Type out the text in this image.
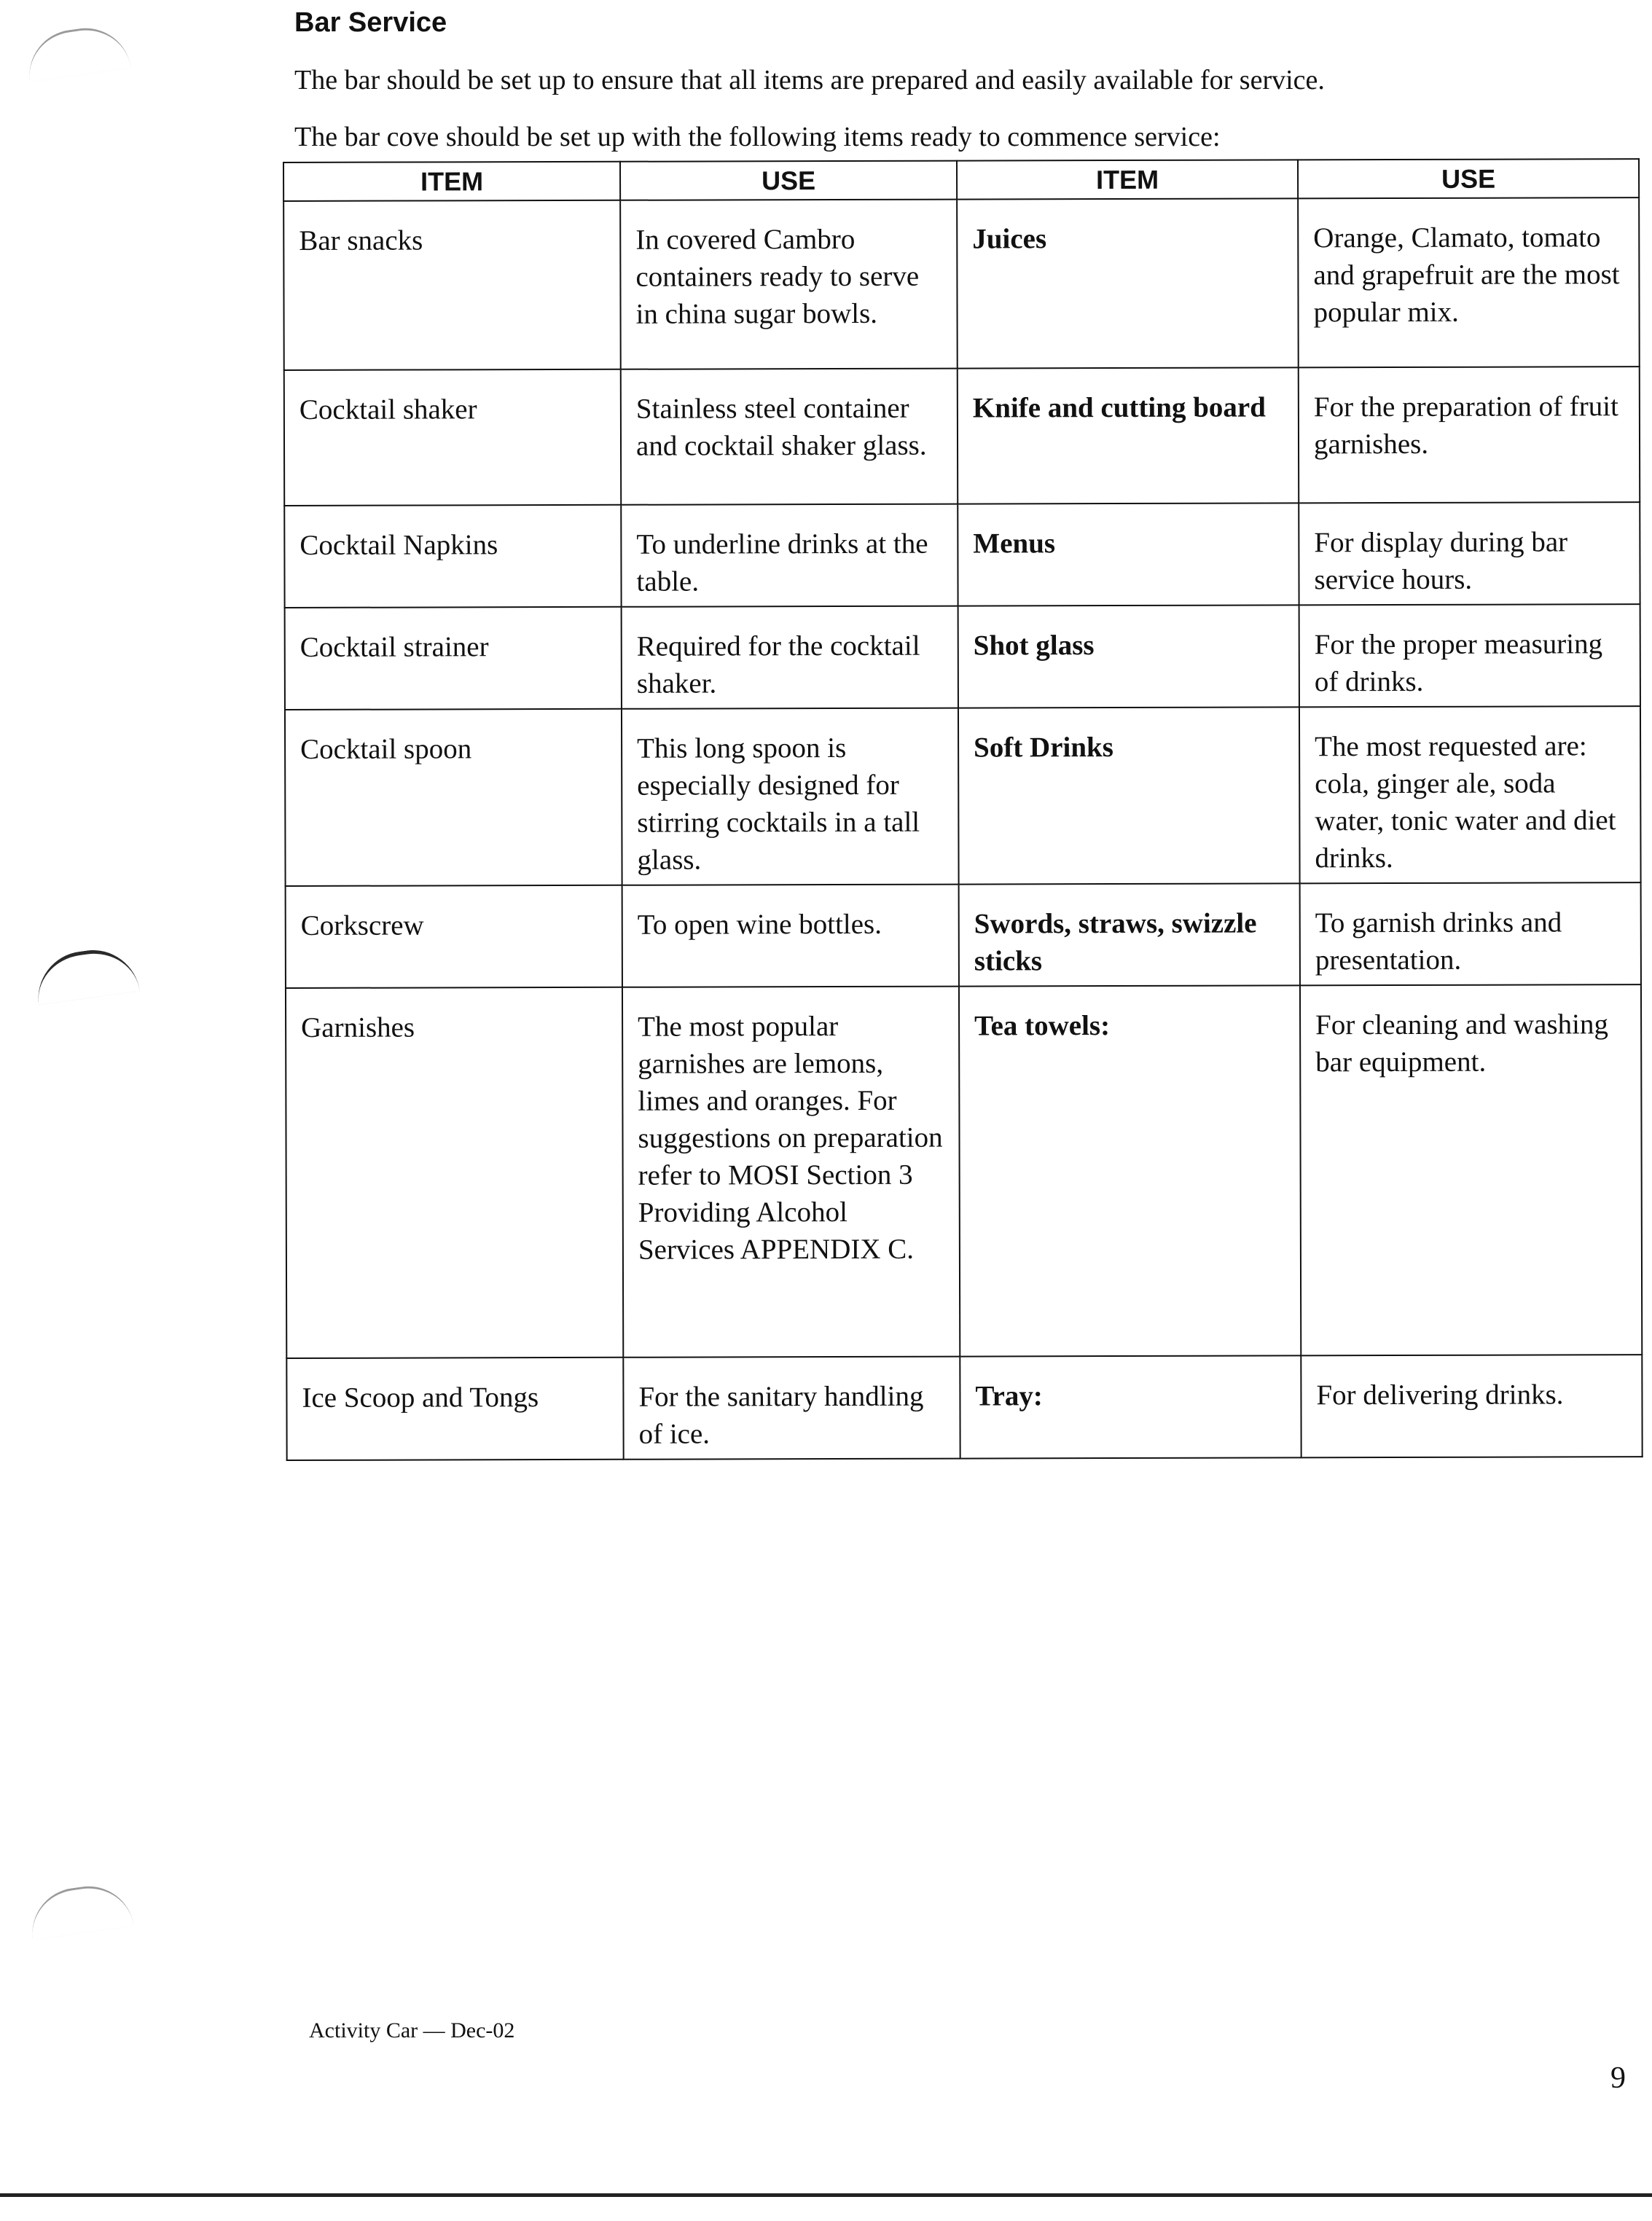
Bar Service
The bar should be set up to ensure that all items are prepared and easily available for service.
The bar cove should be set up with the following items ready to commence service:
ITEM	USE	ITEM	USE
Bar snacks	In covered Cambro containers ready to serve in china sugar bowls.	Juices	Orange, Clamato, tomato and grapefruit are the most popular mix.
Cocktail shaker	Stainless steel container and cocktail shaker glass.	Knife and cutting board	For the preparation of fruit garnishes.
Cocktail Napkins	To underline drinks at the table.	Menus	For display during bar service hours.
Cocktail strainer	Required for the cocktail shaker.	Shot glass	For the proper measuring of drinks.
Cocktail spoon	This long spoon is especially designed for stirring cocktails in a tall glass.	Soft Drinks	The most requested are: cola, ginger ale, soda water, tonic water and diet drinks.
Corkscrew	To open wine bottles.	Swords, straws, swizzle sticks	To garnish drinks and presentation.
Garnishes	The most popular garnishes are lemons, limes and oranges. For suggestions on preparation refer to MOSI Section 3 Providing Alcohol Services APPENDIX C.	Tea towels:	For cleaning and washing bar equipment.
Ice Scoop and Tongs	For the sanitary handling of ice.	Tray:	For delivering drinks.
Activity Car — Dec-02
9
